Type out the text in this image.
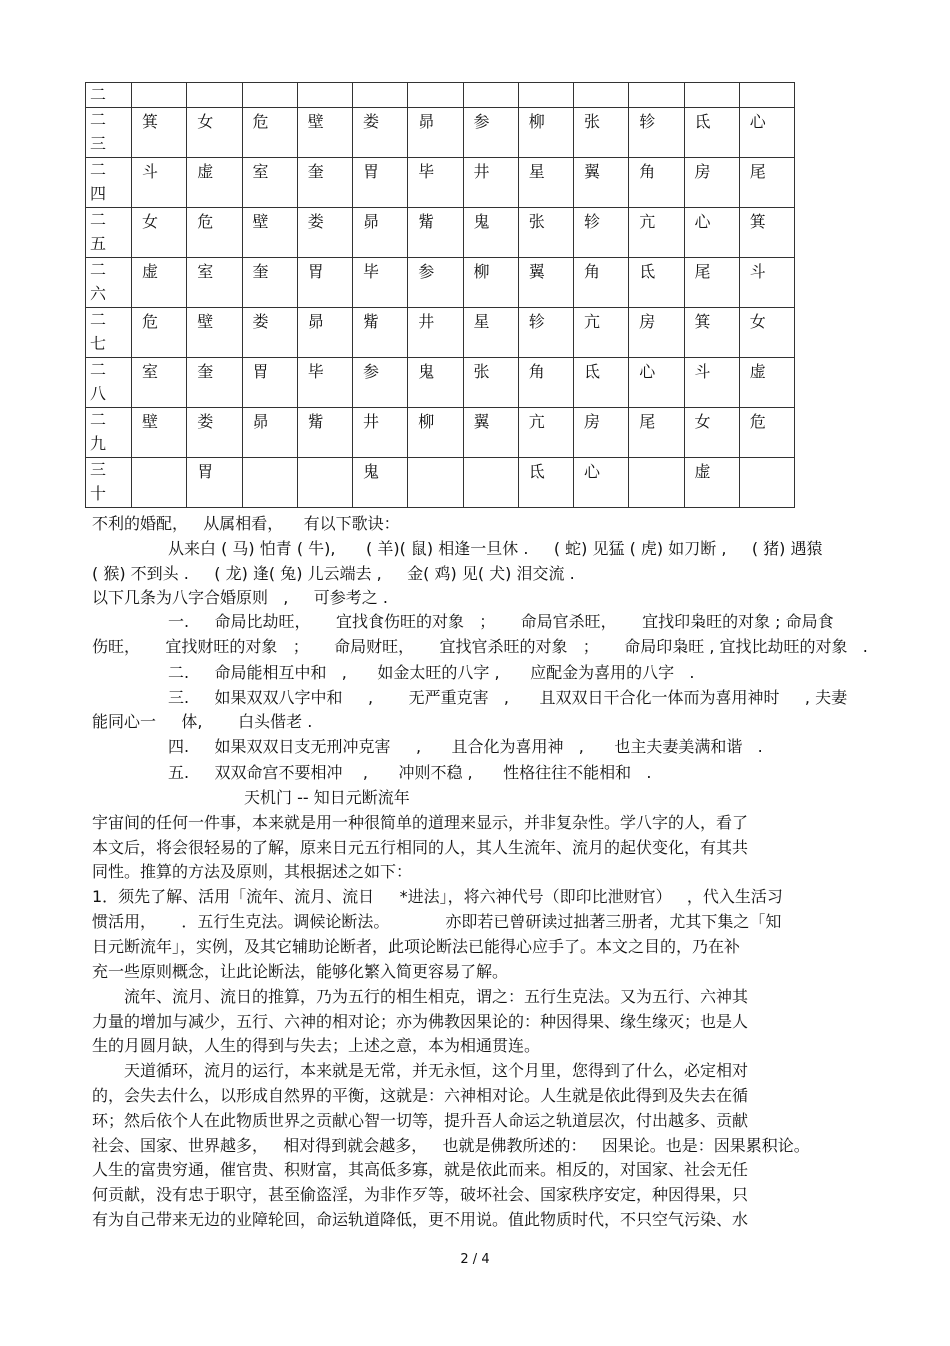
二												

二
三	箕	女	危	壁	娄	昴	参	柳	张	轸	氐	心

二
四	斗	虚	室	奎	胃	毕	井	星	翼	角	房	尾

二
五	女	危	壁	娄	昴	觜	鬼	张	轸	亢	心	箕

二
六	虚	室	奎	胃	毕	参	柳	翼	角	氐	尾	斗

二
七	危	壁	娄	昴	觜	井	星	轸	亢	房	箕	女

二
八	室	奎	胃	毕	参	鬼	张	角	氐	心	斗	虚

二
九	壁	娄	昴	觜	井	柳	翼	亢	房	尾	女	危

三
十		胃			鬼			氐	心		虚	
不利的婚配，   从属相看，    有以下歌诀：
从来白 ( 马) 怕青 ( 牛),      ( 羊)( 鼠) 相逢一旦休 .     ( 蛇) 见猛 ( 虎) 如刀断 ,     ( 猪) 遇猿
( 猴) 不到头 .     ( 龙) 逢( 兔) 儿云端去 ,     金( 鸡) 见( 犬) 泪交流 .
以下几条为八字合婚原则   ,     可参考之 .
一.     命局比劫旺，     宜找食伤旺的对象   ；     命局官杀旺，     宜找印枭旺的对象 ; 命局食
伤旺，     宜找财旺的对象   ；     命局财旺，     宜找官杀旺的对象   ；     命局印枭旺 , 宜找比劫旺的对象   .
二.     命局能相互中和   ,      如金太旺的八字 ,      应配金为喜用的八字   .
三.     如果双双八字中和     ,       无严重克害   ,      且双双日干合化一体而为喜用神时     , 夫妻
能同心一     体,       白头偕老 .
四.     如果双双日支无刑冲克害     ,      且合化为喜用神   ,      也主夫妻美满和谐   .
五.     双双命宫不要相冲    ,      冲则不稳 ,      性格往往不能相和   .
天机门 -- 知日元断流年
宇宙间的任何一件事，本来就是用一种很简单的道理来显示，并非复杂性。学八字的人，看了
本文后，将会很轻易的了解，原来日元五行相同的人，其人生流年、流月的起伏变化，有其共
同性。推算的方法及原则，其根据述之如下：
1．须先了解、活用「流年、流月、流日     *进法」，将六神代号（即印比泄财官）   ，代入生活习
惯活用，     ．五行生克法。调候论断法。           亦即若已曾研读过拙著三册者，尤其下集之「知
日元断流年」，实例，及其它辅助论断者，此项论断法已能得心应手了。本文之目的，乃在补
充一些原则概念，让此论断法，能够化繁入简更容易了解。
流年、流月、流日的推算，乃为五行的相生相克，谓之：五行生克法。又为五行、六神其
力量的增加与减少，五行、六神的相对论；亦为佛教因果论的：种因得果、缘生缘灭；也是人
生的月圆月缺，人生的得到与失去；上述之意，本为相通贯连。
天道循环，流月的运行，本来就是无常，并无永恒，这个月里，您得到了什么，必定相对
的，会失去什么，以形成自然界的平衡，这就是：六神相对论。人生就是依此得到及失去在循
环；然后依个人在此物质世界之贡献心智一切等，提升吾人命运之轨道层次，付出越多、贡献
社会、国家、世界越多，   相对得到就会越多，   也就是佛教所述的：   因果论。也是：因果累积论。
人生的富贵穷通，催官贵、积财富，其高低多寡，就是依此而来。相反的，对国家、社会无任
何贡献，没有忠于职守，甚至偷盗淫，为非作歹等，破坏社会、国家秩序安定，种因得果，只
有为自己带来无边的业障轮回，命运轨道降低，更不用说。值此物质时代，不只空气污染、水
2 / 4
